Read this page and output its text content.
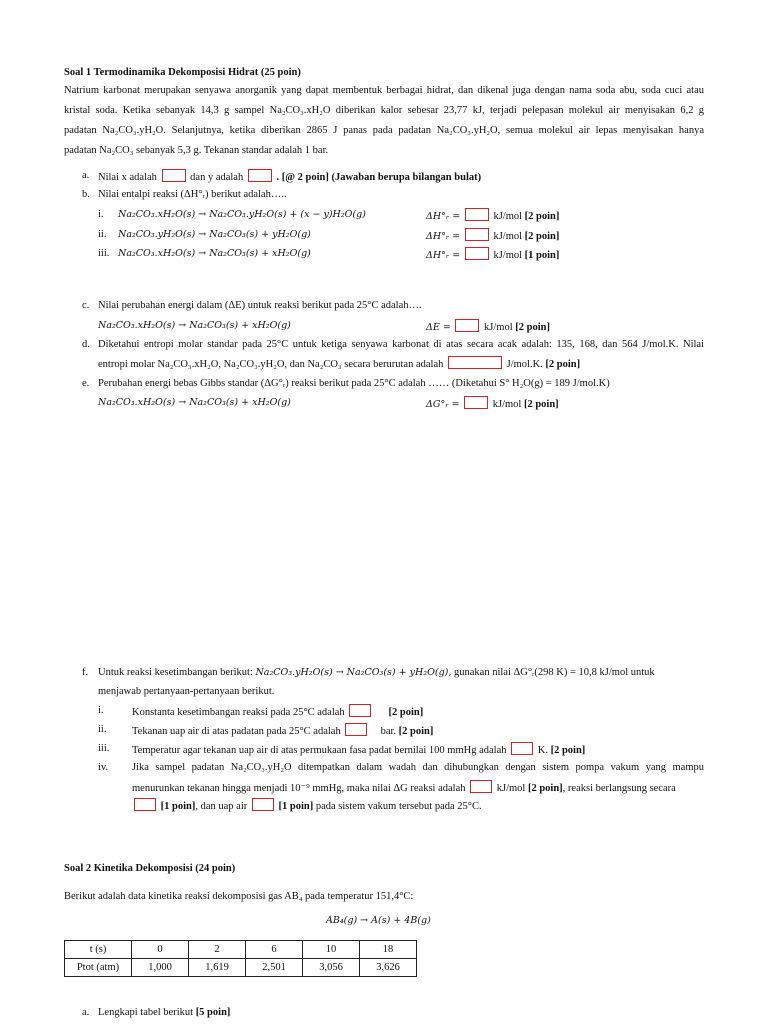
Soal 1 Termodinamika Dekomposisi Hidrat (25 poin)
Natrium karbonat merupakan senyawa anorganik yang dapat membentuk berbagai hidrat, dan dikenal juga dengan nama soda abu, soda cuci atau
kristal soda. Ketika sebanyak 14,3 g sampel Na₂CO₃.xH₂O diberikan kalor sebesar 23,77 kJ, terjadi pelepasan molekul air menyisakan 6,2 g
padatan Na₂CO₃.yH₂O. Selanjutnya, ketika diberikan 2865 J panas pada padatan Na₂CO₃.yH₂O, semua molekul air lepas menyisakan hanya
padatan Na₂CO₃ sebanyak 5,3 g. Tekanan standar adalah 1 bar.
a. Nilai x adalah	dan y adalah	. [@ 2 poin] (Jawaban berupa bilangan bulat)
b. Nilai entalpi reaksi (ΔH°ᵣ) berikut adalah…..
i. Na₂CO₃.xH₂O(s) → Na₂CO₃.yH₂O(s) + (x − y)H₂O(g)	ΔH°ᵣ =	kJ/mol [2 poin]
ii. Na₂CO₃.yH₂O(s) → Na₂CO₃(s) + yH₂O(g)	ΔH°ᵣ =	kJ/mol [2 poin]
iii. Na₂CO₃.xH₂O(s) → Na₂CO₃(s) + xH₂O(g)	ΔH°ᵣ =	kJ/mol [1 poin]
c. Nilai perubahan energi dalam (ΔE) untuk reaksi berikut pada 25°C adalah….
Na₂CO₃.xH₂O(s) → Na₂CO₃(s) + xH₂O(g)	ΔE =	kJ/mol [2 poin]
d. Diketahui entropi molar standar pada 25°C untuk ketiga senyawa karbonat di atas secara acak adalah: 135, 168, dan 564 J/mol.K. Nilai
entropi molar Na₂CO₃.xH₂O, Na₂CO₃.yH₂O, dan Na₂CO₃ secara berurutan adalah	J/mol.K. [2 poin]
e. Perubahan energi bebas Gibbs standar (ΔG°ᵣ) reaksi berikut pada 25°C adalah …… (Diketahui S° H₂O(g) = 189 J/mol.K)
Na₂CO₃.xH₂O(s) → Na₂CO₃(s) + xH₂O(g)	ΔG°ᵣ =	kJ/mol [2 poin]
f. Untuk reaksi kesetimbangan berikut: Na₂CO₃.yH₂O(s) → Na₂CO₃(s) + yH₂O(g), gunakan nilai ΔG°ᵣ(298 K) = 10,8 kJ/mol untuk
menjawab pertanyaan-pertanyaan berikut.
i.	Konstanta kesetimbangan reaksi pada 25°C adalah	[2 poin]
ii. Tekanan uap air di atas padatan pada 25°C adalah	bar. [2 poin]
iii. Temperatur agar tekanan uap air di atas permukaan fasa padat bernilai 100 mmHg adalah	K. [2 poin]
iv. Jika sampel padatan Na₂CO₃.yH₂O ditempatkan dalam wadah dan dihubungkan dengan sistem pompa vakum yang mampu
menurunkan tekanan hingga menjadi 10⁻⁹ mmHg, maka nilai ΔG reaksi adalah	kJ/mol [2 poin], reaksi berlangsung secara
[1 poin], dan uap air	[1 poin] pada sistem vakum tersebut pada 25°C.
Soal 2 Kinetika Dekomposisi (24 poin)
Berikut adalah data kinetika reaksi dekomposisi gas AB₄ pada temperatur 151,4°C:
AB₄(g) → A(s) + 4B(g)
t (s)	0	2	6	10	18
Ptot (atm)	1,000	1,619	2,501	3,056	3,626
a. Lengkapi tabel berikut [5 poin]
